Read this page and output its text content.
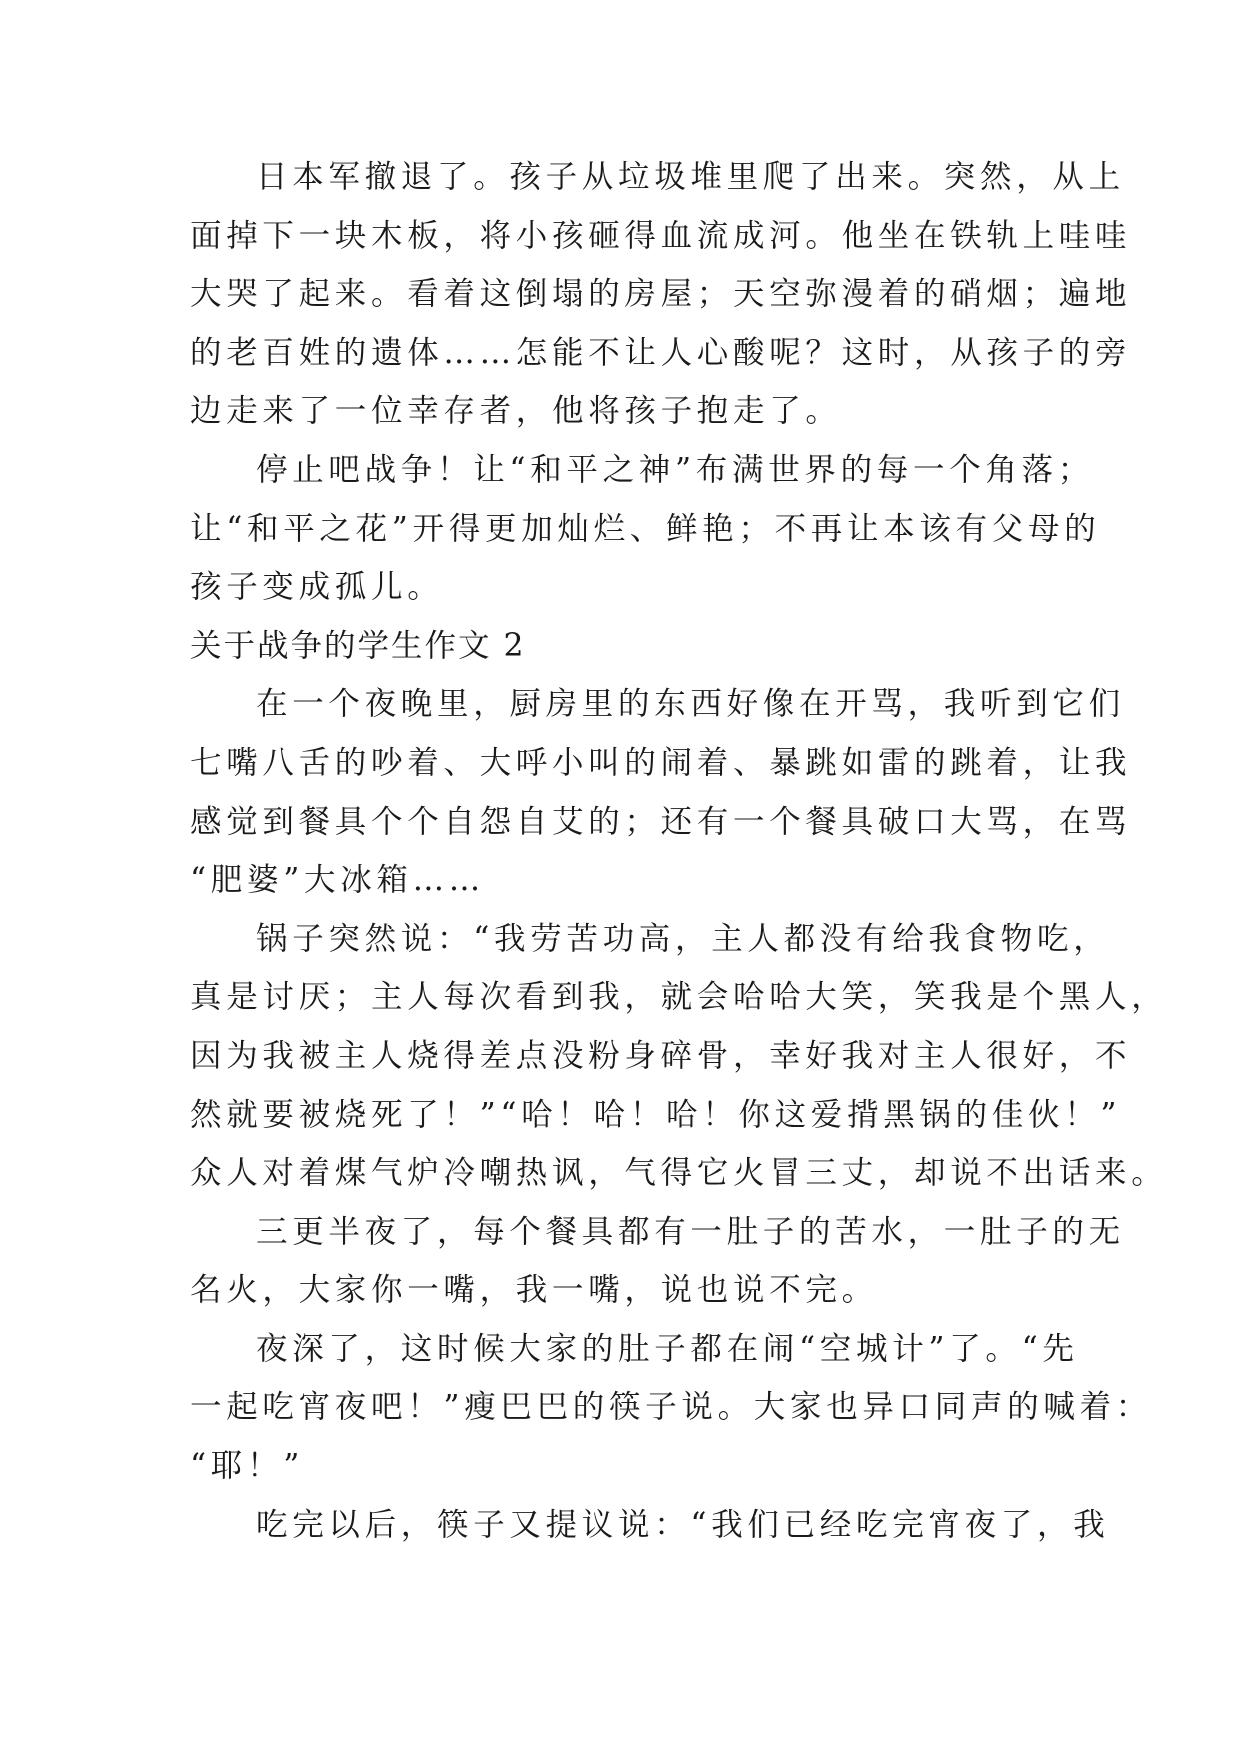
日本军撤退了。孩子从垃圾堆里爬了出来。突然，从上
面掉下一块木板，将小孩砸得血流成河。他坐在铁轨上哇哇
大哭了起来。看着这倒塌的房屋；天空弥漫着的硝烟；遍地
的老百姓的遗体……怎能不让人心酸呢？这时，从孩子的旁
边走来了一位幸存者，他将孩子抱走了。
停止吧战争！让“和平之神”布满世界的每一个角落；
让“和平之花”开得更加灿烂、鲜艳；不再让本该有父母的
孩子变成孤儿。
关于战争的学生作文 2
在一个夜晚里，厨房里的东西好像在开骂，我听到它们
七嘴八舌的吵着、大呼小叫的闹着、暴跳如雷的跳着，让我
感觉到餐具个个自怨自艾的；还有一个餐具破口大骂，在骂
“肥婆”大冰箱……
锅子突然说：“我劳苦功高，主人都没有给我食物吃，
真是讨厌；主人每次看到我，就会哈哈大笑，笑我是个黑人，
因为我被主人烧得差点没粉身碎骨，幸好我对主人很好，不
然就要被烧死了！”“哈！哈！哈！你这爱揹黑锅的佳伙！”
众人对着煤气炉冷嘲热讽，气得它火冒三丈，却说不出话来。
三更半夜了，每个餐具都有一肚子的苦水，一肚子的无
名火，大家你一嘴，我一嘴，说也说不完。
夜深了，这时候大家的肚子都在闹“空城计”了。“先
一起吃宵夜吧！”瘦巴巴的筷子说。大家也异口同声的喊着：
“耶！”
吃完以后，筷子又提议说：“我们已经吃完宵夜了，我
